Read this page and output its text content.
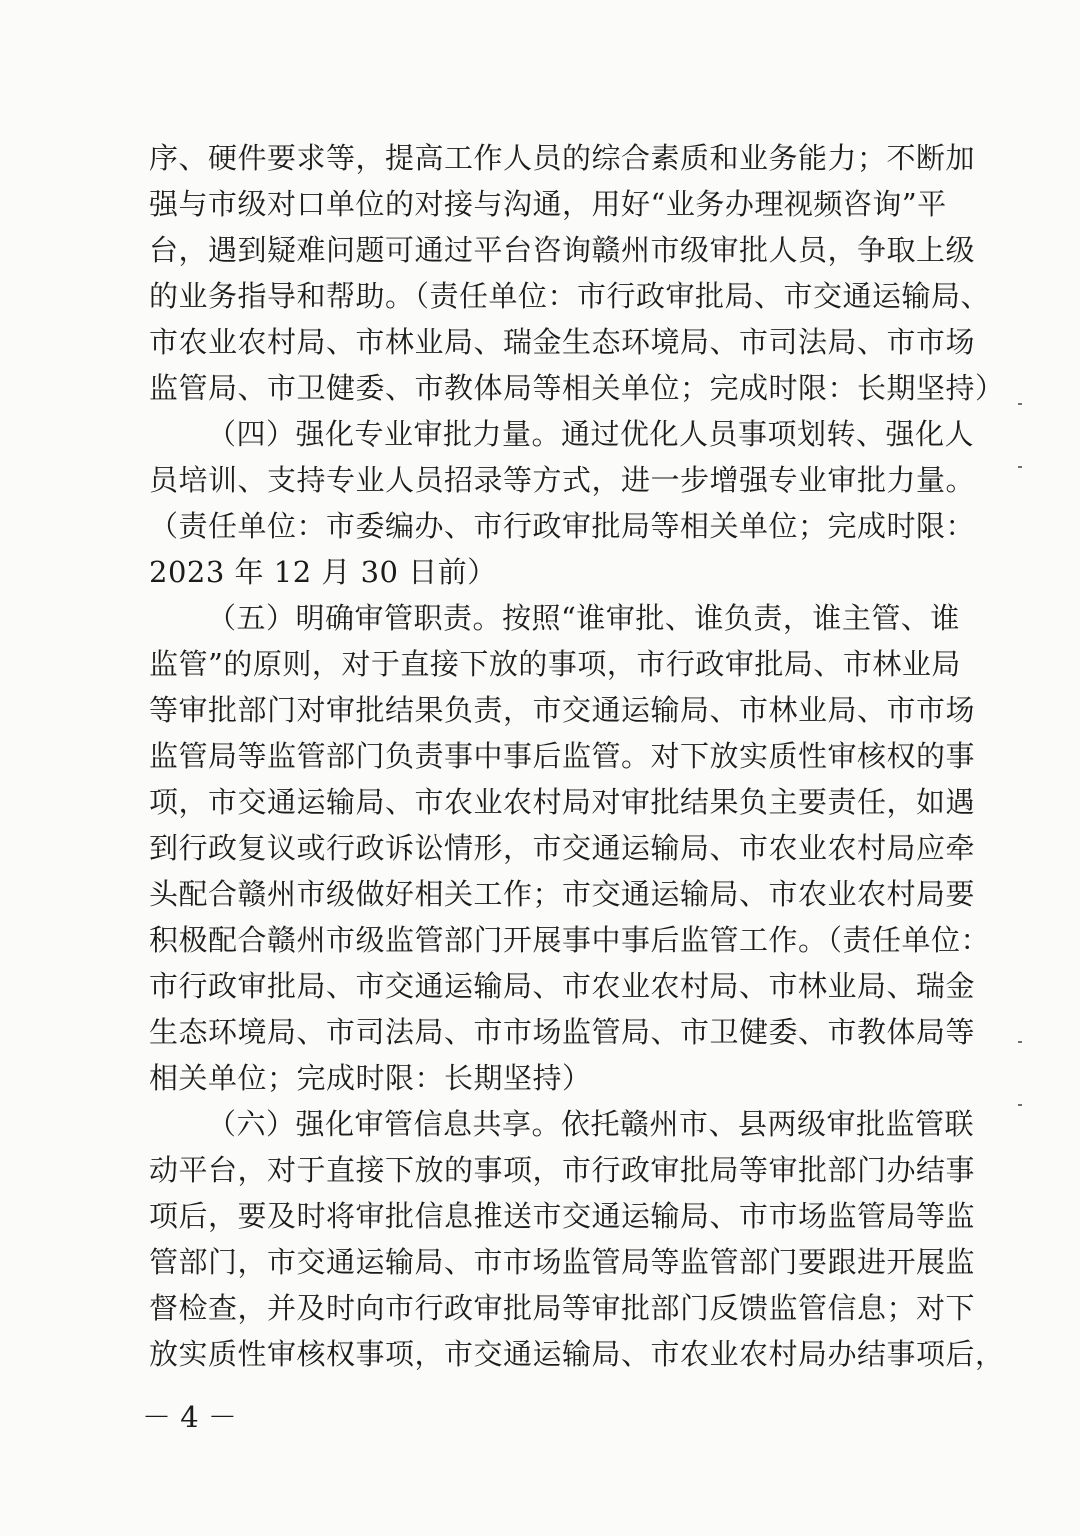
序、硬件要求等，提高工作人员的综合素质和业务能力；不断加
强与市级对口单位的对接与沟通，用好“业务办理视频咨询”平
台，遇到疑难问题可通过平台咨询赣州市级审批人员，争取上级
的业务指导和帮助。（责任单位：市行政审批局、市交通运输局、
市农业农村局、市林业局、瑞金生态环境局、市司法局、市市场
监管局、市卫健委、市教体局等相关单位；完成时限：长期坚持）
（四）强化专业审批力量。通过优化人员事项划转、强化人
员培训、支持专业人员招录等方式，进一步增强专业审批力量。
（责任单位：市委编办、市行政审批局等相关单位；完成时限：
2023 年 12 月 30 日前）
（五）明确审管职责。按照“谁审批、谁负责，谁主管、谁
监管”的原则，对于直接下放的事项，市行政审批局、市林业局
等审批部门对审批结果负责，市交通运输局、市林业局、市市场
监管局等监管部门负责事中事后监管。对下放实质性审核权的事
项，市交通运输局、市农业农村局对审批结果负主要责任，如遇
到行政复议或行政诉讼情形，市交通运输局、市农业农村局应牵
头配合赣州市级做好相关工作；市交通运输局、市农业农村局要
积极配合赣州市级监管部门开展事中事后监管工作。（责任单位：
市行政审批局、市交通运输局、市农业农村局、市林业局、瑞金
生态环境局、市司法局、市市场监管局、市卫健委、市教体局等
相关单位；完成时限：长期坚持）
（六）强化审管信息共享。依托赣州市、县两级审批监管联
动平台，对于直接下放的事项，市行政审批局等审批部门办结事
项后，要及时将审批信息推送市交通运输局、市市场监管局等监
管部门，市交通运输局、市市场监管局等监管部门要跟进开展监
督检查，并及时向市行政审批局等审批部门反馈监管信息；对下
放实质性审核权事项，市交通运输局、市农业农村局办结事项后，
－ 4 －
